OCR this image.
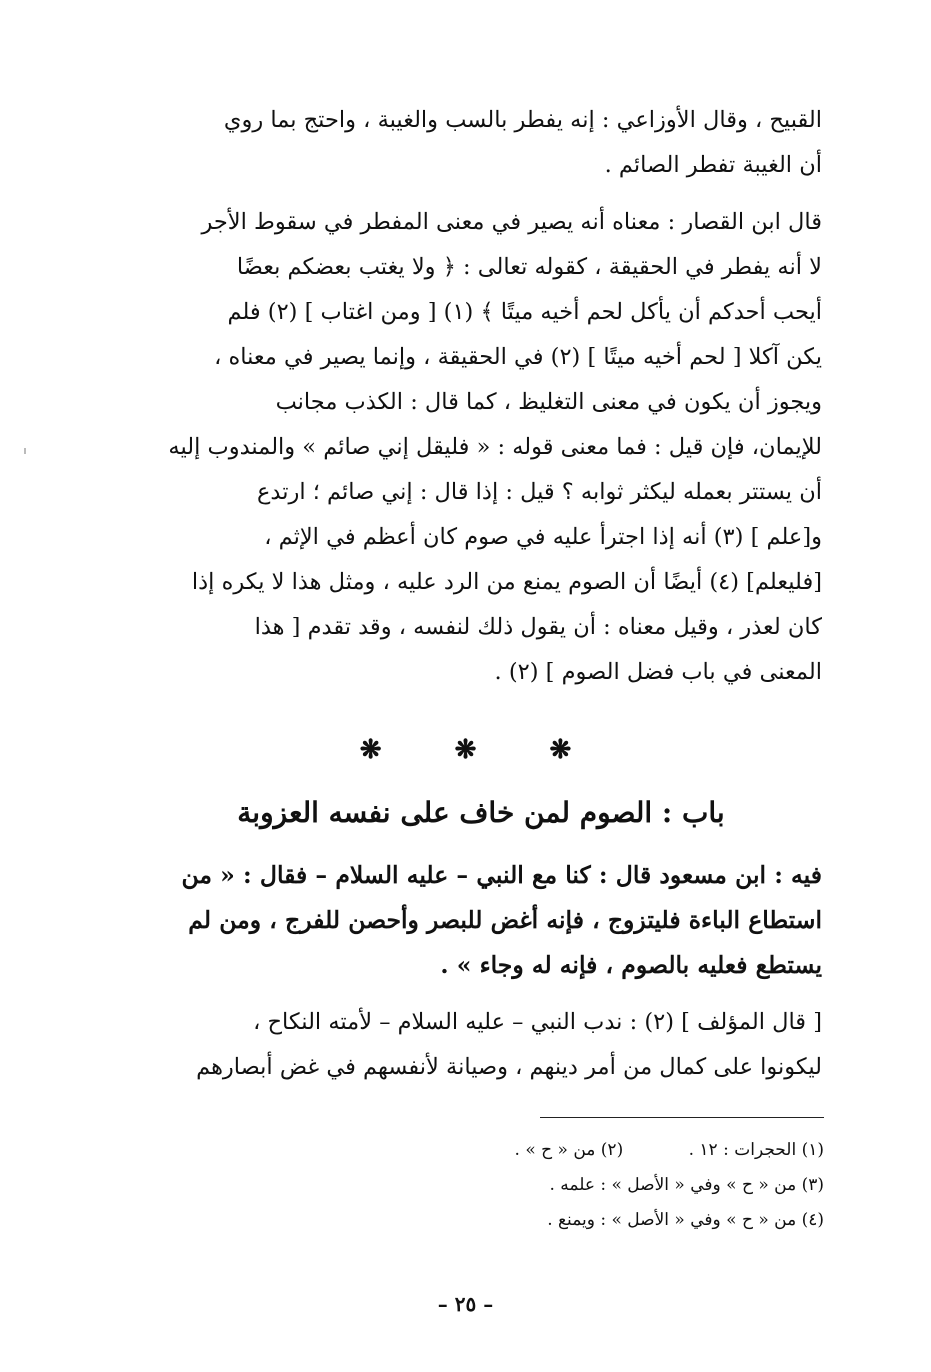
القبيح ، وقال الأوزاعي : إنه يفطر بالسب والغيبة ، واحتج بما روي
أن الغيبة تفطر الصائم .
قال ابن القصار : معناه أنه يصير في معنى المفطر في سقوط الأجر
لا أنه يفطر في الحقيقة ، كقوله تعالى : ﴿ ولا يغتب بعضكم بعضًا
أيحب أحدكم أن يأكل لحم أخيه ميتًا ﴾ (١) [ ومن اغتاب ] (٢) فلم
يكن آكلا [ لحم أخيه ميتًا ] (٢) في الحقيقة ، وإنما يصير في معناه ،
ويجوز أن يكون في معنى التغليظ ، كما قال : الكذب مجانب
للإيمان، فإن قيل : فما معنى قوله : « فليقل إني صائم » والمندوب إليه
أن يستتر بعمله ليكثر ثوابه ؟ قيل : إذا قال : إني صائم ؛ ارتدع
و[علم ] (٣) أنه إذا اجترأ عليه في صوم كان أعظم في الإثم ،
[فليعلم] (٤) أيضًا أن الصوم يمنع من الرد عليه ، ومثل هذا لا يكره إذا
كان لعذر ، وقيل معناه : أن يقول ذلك لنفسه ، وقد تقدم [ هذا
المعنى في باب فضل الصوم ] (٢) .
❋	❋	❋
باب : الصوم لمن خاف على نفسه العزوبة
فيه : ابن مسعود قال : كنا مع النبي – عليه السلام – فقال : « من
استطاع الباءة فليتزوج ، فإنه أغض للبصر وأحصن للفرج ، ومن لم
يستطع فعليه بالصوم ، فإنه له وجاء » .
[ قال المؤلف ] (٢) : ندب النبي – عليه السلام – لأمته النكاح ،
ليكونوا على كمال من أمر دينهم ، وصيانة لأنفسهم في غض أبصارهم
(١) الحجرات : ١٢ . (٢) من « ح » .
(٣) من « ح » وفي « الأصل » : علمه .
(٤) من « ح » وفي « الأصل » : ويمنع .
– ٢٥ –
